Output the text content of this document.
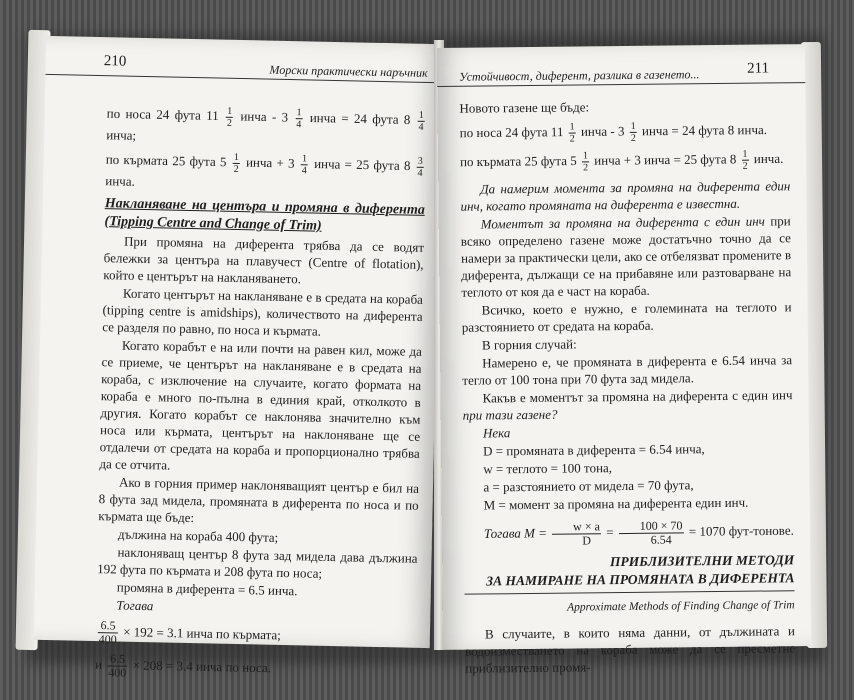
210
Морски практически наръчник

по носа 24 фута $11 \frac{1}{2}$ инча - $3 \frac{1}{4}$ инча = 24 фута $8 \frac{1}{4}$
инча;

по кърмата 25 фута $5 \frac{1}{2}$ инча + $3 \frac{1}{4}$ инча = 25 фута $8 \frac{3}{4}$
инча.

Накланяване на центъра и промяна в диферента (Tipping Centre and Change of Trim)

При промяна на диферента трябва да се водят бележки за центъра на плавучест (Centre of flotation), който е центърът на накланяването.

Когато центърът на накланяване е в средата на кораба (tipping centre is amidships), количеството на диферента се разделя по равно, по носа и кърмата.

Когато корабът е на или почти на равен кил, може да се приеме, че центърът на накланяване е в средата на кораба, с изключение на случаите, когато формата на кораба е много по-пълна в единия край, отколкото в другия. Когато корабът се наклонява значително към носа или кърмата, центърът на наклоняване ще се отдалечи от средата на кораба и пропорционално трябва да се отчита.

Ако в горния пример наклоняващият център е бил на 8 фута зад мидела, промяната в диферента по носа и по кърмата ще бъде:

дължина на кораба 400 фута;

наклоняващ център 8 фута зад мидела дава дължина 192 фута по кърмата и 208 фута по носа;

промяна в диферента = 6.5 инча.

Тогава

$\frac{6.5}{400} \times 192 = 3.1$ инча по кърмата;

и $\frac{6.5}{400} \times 208 = 3.4$ инча по носа.

Устойчивост, диферент, разлика в газенето...	211

Новото газене ще бъде:

по носа 24 фута $11 \frac{1}{2}$ инча - $3 \frac{1}{2}$ инча = 24 фута 8 инча.

по кърмата 25 фута $5 \frac{1}{2}$ инча + 3 инча = 25 фута $8 \frac{1}{2}$ инча.

Да намерим момента за промяна на диферента един инч, когато промяната на диферента е известна.

Моментът за промяна на диферента с един инч при всяко определено газене може достатъчно точно да се намери за практически цели, ако се отбелязват промените в диферента, дължащи се на прибавяне или разтоварване на теглото от коя да е част на кораба.

Всичко, което е нужно, е големината на теглото и разстоянието от средата на кораба.

В горния случай:

Намерено е, че промяната в диферента е 6.54 инча за тегло от 100 тона при 70 фута зад мидела.

Какъв е моментът за промяна на диферента с един инч при тази газене?

Нека

D = промяната в диферента = 6.54 инча,

w = теглото = 100 тона,

a = разстоянието от мидела = 70 фута,

M = момент за промяна на диферента един инч.

Тогава $M = \frac{w \times a}{D} = \frac{100 \times 70}{6.54} = 1070$ фут-тонове.

ПРИБЛИЗИТЕЛНИ МЕТОДИ

ЗА НАМИРАНЕ НА ПРОМЯНАТА В ДИФЕРЕНТА

Approximate Methods of Finding Change of Trim

В случаите, в които няма данни, от дължината и водоизместването на кораба може да се пресметне приблизително промя-
